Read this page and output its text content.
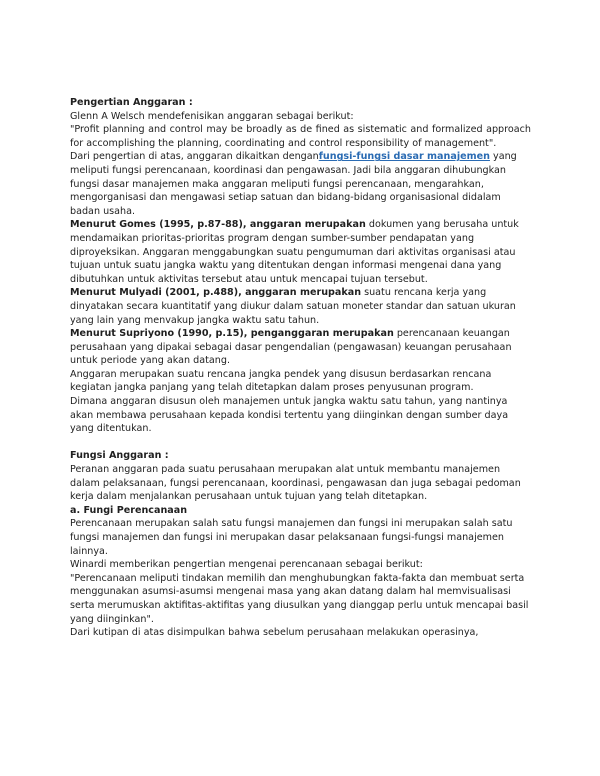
Pengertian Anggaran :

Glenn A Welsch mendefenisikan anggaran sebagai berikut:

"Profit planning and control may be broadly as de fined as sistematic and formalized approach for accomplishing the planning, coordinating and control responsibility of management".

Dari pengertian di atas, anggaran dikaitkan denganfungsi-fungsi dasar manajemen yang meliputi fungsi perencanaan, koordinasi dan pengawasan. Jadi bila anggaran dihubungkan fungsi dasar manajemen maka anggaran meliputi fungsi perencanaan, mengarahkan, mengorganisasi dan mengawasi setiap satuan dan bidang-bidang organisasional didalam badan usaha.

Menurut Gomes (1995, p.87-88), anggaran merupakan dokumen yang berusaha untuk mendamaikan prioritas-prioritas program dengan sumber-sumber pendapatan yang diproyeksikan. Anggaran menggabungkan suatu pengumuman dari aktivitas organisasi atau tujuan untuk suatu jangka waktu yang ditentukan dengan informasi mengenai dana yang dibutuhkan untuk aktivitas tersebut atau untuk mencapai tujuan tersebut.

Menurut Mulyadi (2001, p.488), anggaran merupakan suatu rencana kerja yang dinyatakan secara kuantitatif yang diukur dalam satuan moneter standar dan satuan ukuran yang lain yang menvakup jangka waktu satu tahun.

Menurut Supriyono (1990, p.15), penganggaran merupakan perencanaan keuangan perusahaan yang dipakai sebagai dasar pengendalian (pengawasan) keuangan perusahaan untuk periode yang akan datang.

Anggaran merupakan suatu rencana jangka pendek yang disusun berdasarkan rencana kegiatan jangka panjang yang telah ditetapkan dalam proses penyusunan program.

Dimana anggaran disusun oleh manajemen untuk jangka waktu satu tahun, yang nantinya akan membawa perusahaan kepada kondisi tertentu yang diinginkan dengan sumber daya yang ditentukan.

Fungsi Anggaran :

Peranan anggaran pada suatu perusahaan merupakan alat untuk membantu manajemen dalam pelaksanaan, fungsi perencanaan, koordinasi, pengawasan dan juga sebagai pedoman kerja dalam menjalankan perusahaan untuk tujuan yang telah ditetapkan.

a. Fungi Perencanaan

Perencanaan merupakan salah satu fungsi manajemen dan fungsi ini merupakan salah satu fungsi manajemen dan fungsi ini merupakan dasar pelaksanaan fungsi-fungsi manajemen lainnya.

Winardi memberikan pengertian mengenai perencanaan sebagai berikut:

"Perencanaan meliputi tindakan memilih dan menghubungkan fakta-fakta dan membuat serta menggunakan asumsi-asumsi mengenai masa yang akan datang dalam hal memvisualisasi serta merumuskan aktifitas-aktifitas yang diusulkan yang dianggap perlu untuk mencapai basil yang diinginkan".

Dari kutipan di atas disimpulkan bahwa sebelum perusahaan melakukan operasinya,
